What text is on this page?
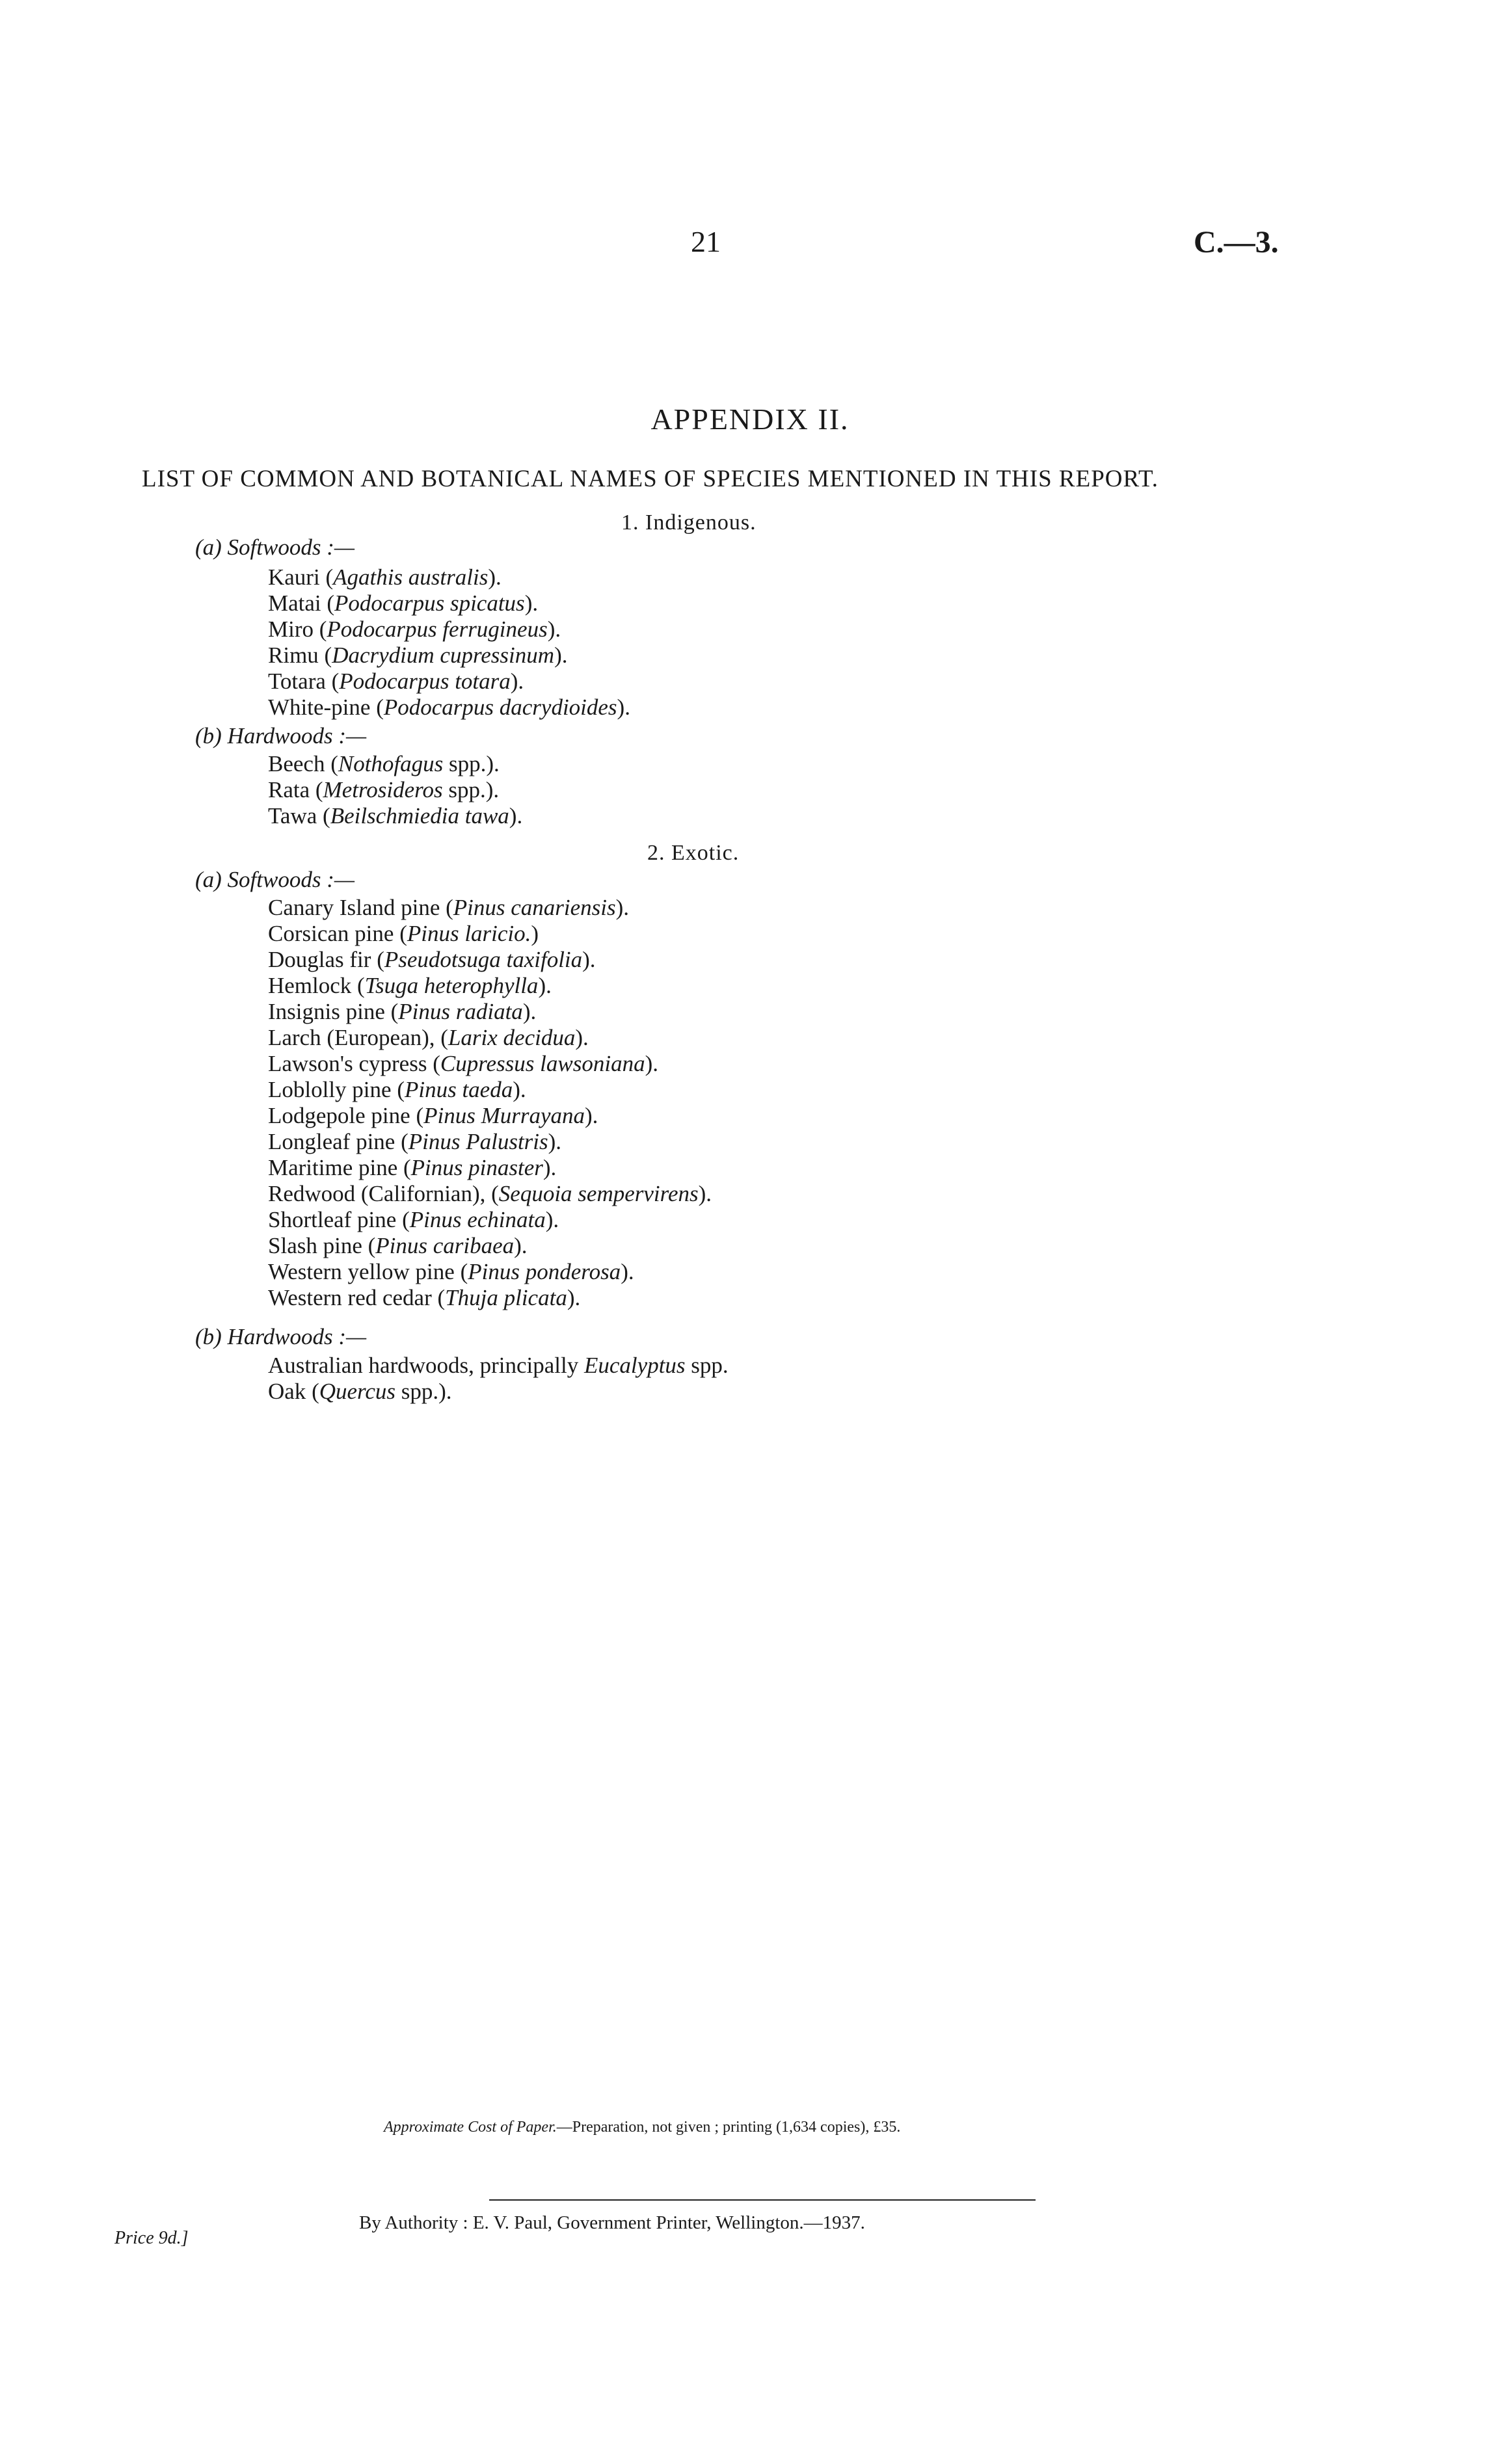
21	C.—3.
APPENDIX II.
LIST OF COMMON AND BOTANICAL NAMES OF SPECIES MENTIONED IN THIS REPORT.
1. Indigenous.
(a) Softwoods :—
Kauri (Agathis australis).
Matai (Podocarpus spicatus).
Miro (Podocarpus ferrugineus).
Rimu (Dacrydium cupressinum).
Totara (Podocarpus totara).
White-pine (Podocarpus dacrydioides).
(b) Hardwoods :—
Beech (Nothofagus spp.).
Rata (Metrosideros spp.).
Tawa (Beilschmiedia tawa).
2. Exotic.
(a) Softwoods :—
Canary Island pine (Pinus canariensis).
Corsican pine (Pinus laricio.)
Douglas fir (Pseudotsuga taxifolia).
Hemlock (Tsuga heterophylla).
Insignis pine (Pinus radiata).
Larch (European), (Larix decidua).
Lawson's cypress (Cupressus lawsoniana).
Loblolly pine (Pinus taeda).
Lodgepole pine (Pinus Murrayana).
Longleaf pine (Pinus Palustris).
Maritime pine (Pinus pinaster).
Redwood (Californian), (Sequoia sempervirens).
Shortleaf pine (Pinus echinata).
Slash pine (Pinus caribaea).
Western yellow pine (Pinus ponderosa).
Western red cedar (Thuja plicata).
(b) Hardwoods :—
Australian hardwoods, principally Eucalyptus spp.
Oak (Quercus spp.).
Approximate Cost of Paper.—Preparation, not given ; printing (1,634 copies), £35.
By Authority : E. V. Paul, Government Printer, Wellington.—1937.
Price 9d.]
